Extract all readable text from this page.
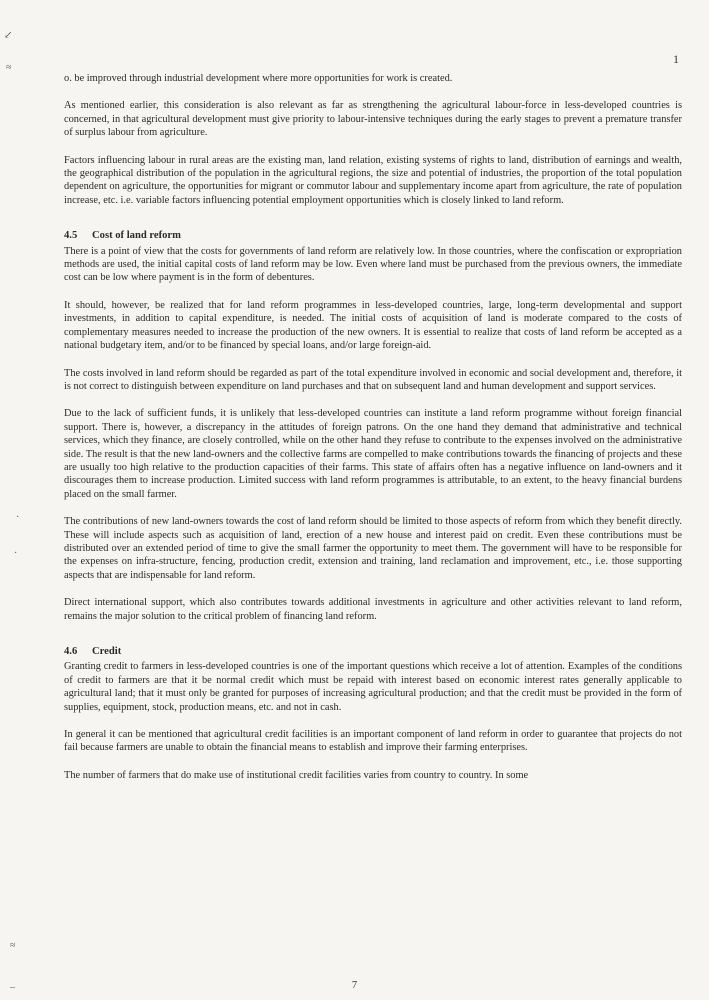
1
↙
≈
·
·
≈
–

o. be improved through industrial development where more opportunities for work is created.

As mentioned earlier, this consideration is also relevant as far as strengthening the agricultural labour-force in less-developed countries is concerned, in that agricultural development must give priority to labour-intensive techniques during the early stages to prevent a premature transfer of surplus labour from agriculture.

Factors influencing labour in rural areas are the existing man, land relation, existing systems of rights to land, distribution of earnings and wealth, the geographical distribution of the population in the agricultural regions, the size and potential of industries, the proportion of the total population dependent on agriculture, the opportunities for migrant or commutor labour and supplementary income apart from agriculture, the rate of population increase, etc. i.e. variable factors influencing potential employment opportunities which is closely linked to land reform.

4.5 Cost of land reform

There is a point of view that the costs for governments of land reform are relatively low. In those countries, where the confiscation or expropriation methods are used, the initial capital costs of land reform may be low. Even where land must be purchased from the previous owners, the immediate cost can be low where payment is in the form of debentures.

It should, however, be realized that for land reform programmes in less-developed countries, large, long-term developmental and support investments, in addition to capital expenditure, is needed. The initial costs of acquisition of land is moderate compared to the costs of complementary measures needed to increase the production of the new owners. It is essential to realize that costs of land reform be accepted as a national budgetary item, and/or to be financed by special loans, and/or large foreign-aid.

The costs involved in land reform should be regarded as part of the total expenditure involved in economic and social development and, therefore, it is not correct to distinguish between expenditure on land purchases and that on subsequent land and human development and support services.

Due to the lack of sufficient funds, it is unlikely that less-developed countries can institute a land reform programme without foreign financial support. There is, however, a discrepancy in the attitudes of foreign patrons. On the one hand they demand that administrative and technical services, which they finance, are closely controlled, while on the other hand they refuse to contribute to the expenses involved on the administrative side. The result is that the new land-owners and the collective farms are compelled to make contributions towards the financing of projects and these are usually too high relative to the production capacities of their farms. This state of affairs often has a negative influence on land-owners and it discourages them to increase production. Limited success with land reform programmes is attributable, to an extent, to the heavy financial burdens placed on the small farmer.

The contributions of new land-owners towards the cost of land reform should be limited to those aspects of reform from which they benefit directly. These will include aspects such as acquisition of land, erection of a new house and interest paid on credit. Even these contributions must be distributed over an extended period of time to give the small farmer the opportunity to meet them. The government will have to be responsible for the expenses on infra-structure, fencing, production credit, extension and training, land reclamation and improvement, etc., i.e. those supporting aspects that are indispensable for land reform.

Direct international support, which also contributes towards additional investments in agriculture and other activities relevant to land reform, remains the major solution to the critical problem of financing land reform.

4.6 Credit

Granting credit to farmers in less-developed countries is one of the important questions which receive a lot of attention. Examples of the conditions of credit to farmers are that it be normal credit which must be repaid with interest based on economic interest rates generally applicable to agricultural land; that it must only be granted for purposes of increasing agricultural production; and that the credit must be provided in the form of supplies, equipment, stock, production means, etc. and not in cash.

In general it can be mentioned that agricultural credit facilities is an important component of land reform in order to guarantee that projects do not fail because farmers are unable to obtain the financial means to establish and improve their farming enterprises.

The number of farmers that do make use of institutional credit facilities varies from country to country. In some

7
